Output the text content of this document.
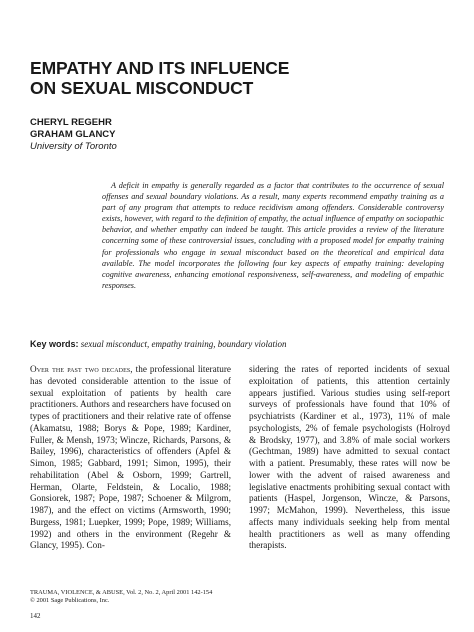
EMPATHY AND ITS INFLUENCE
ON SEXUAL MISCONDUCT
CHERYL REGEHR
GRAHAM GLANCY
University of Toronto
A deficit in empathy is generally regarded as a factor that contributes to the occurrence of sexual offenses and sexual boundary violations. As a result, many experts recommend empathy training as a part of any program that attempts to reduce recidivism among offenders. Considerable controversy exists, however, with regard to the definition of empathy, the actual influence of empathy on sociopathic behavior, and whether empathy can indeed be taught. This article provides a review of the literature concerning some of these controversial issues, concluding with a proposed model for empathy training for professionals who engage in sexual misconduct based on the theoretical and empirical data available. The model incorporates the following four key aspects of empathy training: developing cognitive awareness, enhancing emotional responsiveness, self-awareness, and modeling of empathic responses.
Key words: sexual misconduct, empathy training, boundary violation
Over the past two decades, the professional literature has devoted considerable attention to the issue of sexual exploitation of patients by health care practitioners. Authors and researchers have focused on types of practitioners and their relative rate of offense (Akamatsu, 1988; Borys & Pope, 1989; Kardiner, Fuller, & Mensh, 1973; Wincze, Richards, Parsons, & Bailey, 1996), characteristics of offenders (Apfel & Simon, 1985; Gabbard, 1991; Simon, 1995), their rehabilitation (Abel & Osborn, 1999; Gartrell, Herman, Olarte, Feldstein, & Localio, 1988; Gonsiorek, 1987; Pope, 1987; Schoener & Milgrom, 1987), and the effect on victims (Armsworth, 1990; Burgess, 1981; Luepker, 1999; Pope, 1989; Williams, 1992) and others in the environment (Regehr & Glancy, 1995). Con-
sidering the rates of reported incidents of sexual exploitation of patients, this attention certainly appears justified. Various studies using self-report surveys of professionals have found that 10% of psychiatrists (Kardiner et al., 1973), 11% of male psychologists, 2% of female psychologists (Holroyd & Brodsky, 1977), and 3.8% of male social workers (Gechtman, 1989) have admitted to sexual contact with a patient. Presumably, these rates will now be lower with the advent of raised awareness and legislative enactments prohibiting sexual contact with patients (Haspel, Jorgenson, Wincze, & Parsons, 1997; McMahon, 1999). Nevertheless, this issue affects many individuals seeking help from mental health practitioners as well as many offending therapists.
TRAUMA, VIOLENCE, & ABUSE, Vol. 2, No. 2, April 2001 142-154
© 2001 Sage Publications, Inc.
142
